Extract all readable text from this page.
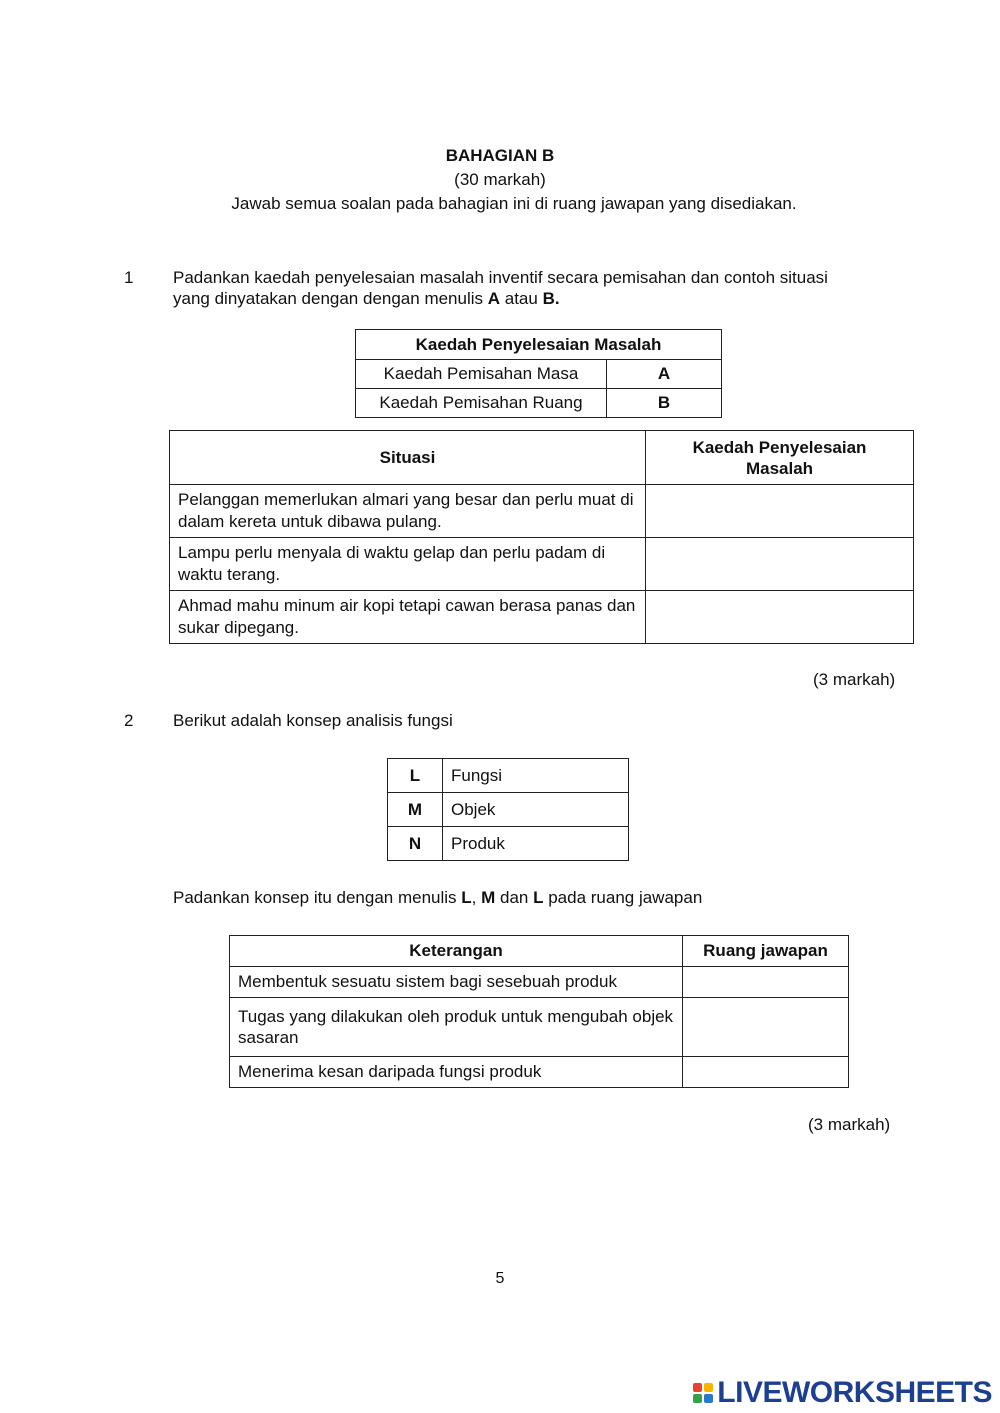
BAHAGIAN B
(30 markah)
Jawab semua soalan pada bahagian ini di ruang jawapan yang disediakan.
1 Padankan kaedah penyelesaian masalah inventif secara pemisahan dan contoh situasi
yang dinyatakan dengan dengan menulis A atau B.
Kaedah Penyelesaian Masalah	
Kaedah Pemisahan Masa	A
Kaedah Pemisahan Ruang	B
Situasi	Kaedah Penyelesaian Masalah
Pelanggan memerlukan almari yang besar dan perlu muat di dalam kereta untuk dibawa pulang.	
Lampu perlu menyala di waktu gelap dan perlu padam di waktu terang.	
Ahmad mahu minum air kopi tetapi cawan berasa panas dan sukar dipegang.	
(3 markah)
2 Berikut adalah konsep analisis fungsi
L	Fungsi
M	Objek
N	Produk
Padankan konsep itu dengan menulis L, M dan L pada ruang jawapan
Keterangan	Ruang jawapan
Membentuk sesuatu sistem bagi sesebuah produk	
Tugas yang dilakukan oleh produk untuk mengubah objek sasaran	
Menerima kesan daripada fungsi produk	
(3 markah)
5
LIVEWORKSHEETS
